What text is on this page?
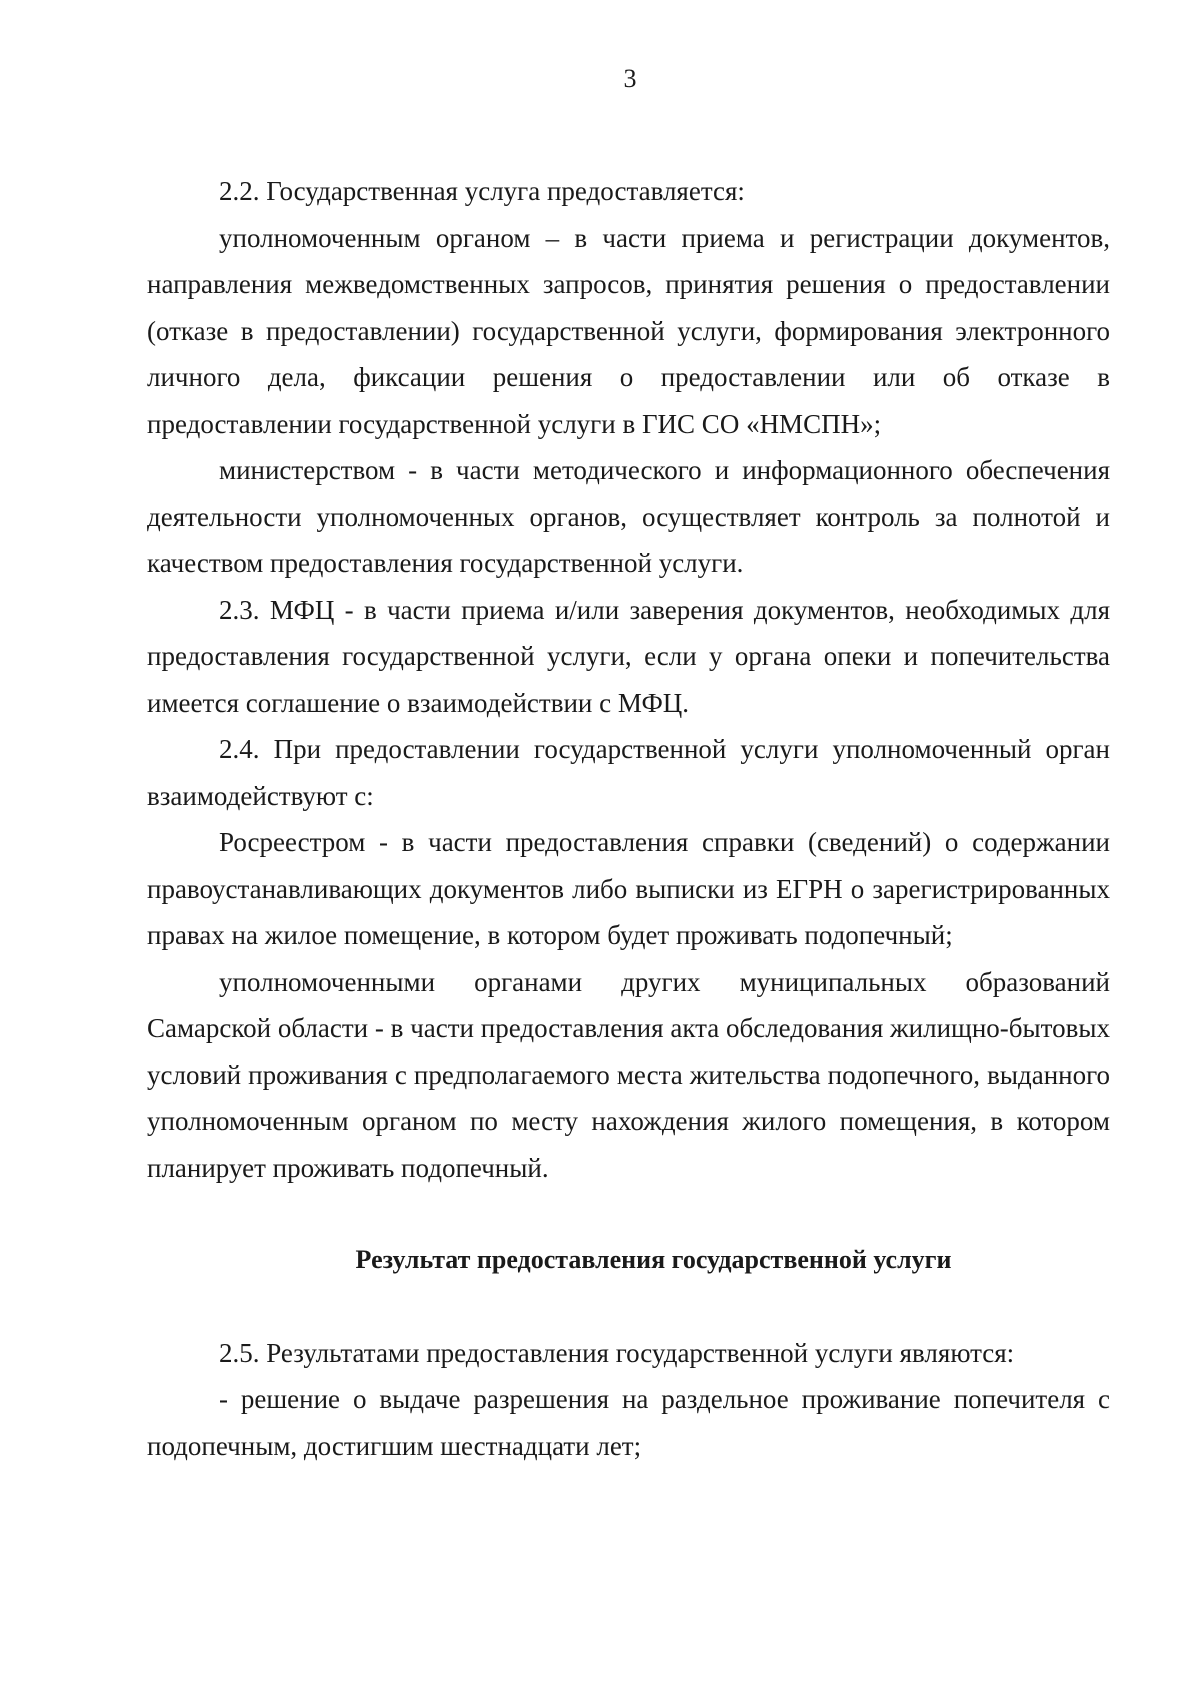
3

2.2. Государственная услуга предоставляется:

уполномоченным органом – в части приема и регистрации документов, направления межведомственных запросов, принятия решения о предоставлении (отказе в предоставлении) государственной услуги, формирования электронного личного дела, фиксации решения о предоставлении или об отказе в предоставлении государственной услуги в ГИС СО «НМСПН»;

министерством - в части методического и информационного обеспечения деятельности уполномоченных органов, осуществляет контроль за полнотой и качеством предоставления государственной услуги.

2.3. МФЦ - в части приема и/или заверения документов, необходимых для предоставления государственной услуги, если у органа опеки и попечительства имеется соглашение о взаимодействии с МФЦ.

2.4. При предоставлении государственной услуги уполномоченный орган взаимодействуют с:

Росреестром - в части предоставления справки (сведений) о содержании правоустанавливающих документов либо выписки из ЕГРН о зарегистрированных правах на жилое помещение, в котором будет проживать подопечный;

уполномоченными органами других муниципальных образований Самарской области - в части предоставления акта обследования жилищно-бытовых условий проживания с предполагаемого места жительства подопечного, выданного уполномоченным органом по месту нахождения жилого помещения, в котором планирует проживать подопечный.

Результат предоставления государственной услуги

2.5. Результатами предоставления государственной услуги являются:

- решение о выдаче разрешения на раздельное проживание попечителя с подопечным, достигшим шестнадцати лет;
